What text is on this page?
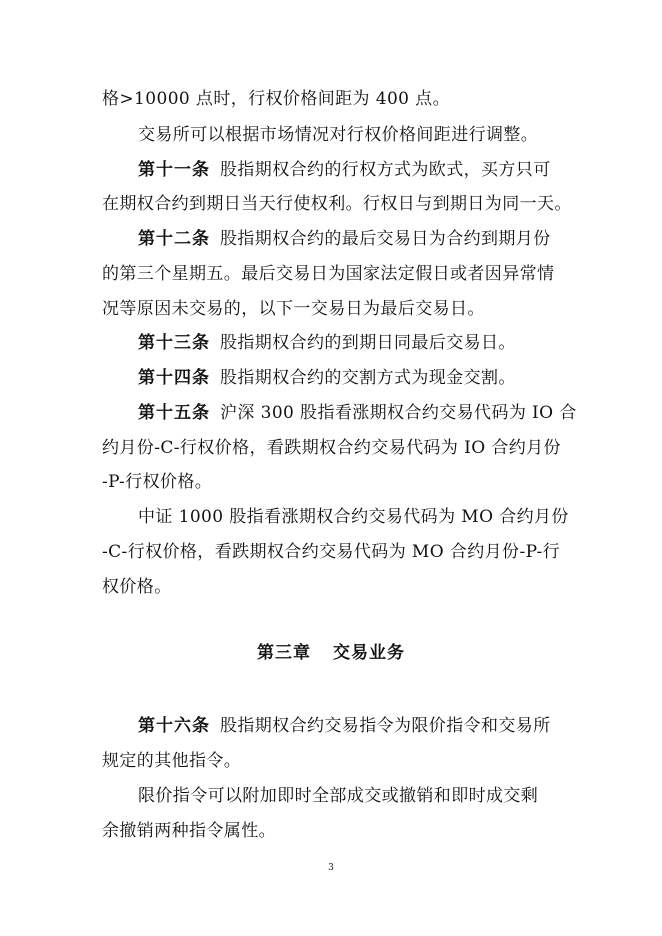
格>10000 点时，行权价格间距为 400 点。
交易所可以根据市场情况对行权价格间距进行调整。
第十一条 股指期权合约的行权方式为欧式，买方只可
在期权合约到期日当天行使权利。行权日与到期日为同一天。
第十二条 股指期权合约的最后交易日为合约到期月份
的第三个星期五。最后交易日为国家法定假日或者因异常情
况等原因未交易的，以下一交易日为最后交易日。
第十三条 股指期权合约的到期日同最后交易日。
第十四条 股指期权合约的交割方式为现金交割。
第十五条 沪深 300 股指看涨期权合约交易代码为 IO 合
约月份-C-行权价格，看跌期权合约交易代码为 IO 合约月份
-P-行权价格。
中证 1000 股指看涨期权合约交易代码为 MO 合约月份
-C-行权价格，看跌期权合约交易代码为 MO 合约月份-P-行
权价格。
第三章 交易业务
第十六条 股指期权合约交易指令为限价指令和交易所
规定的其他指令。
限价指令可以附加即时全部成交或撤销和即时成交剩
余撤销两种指令属性。
3
